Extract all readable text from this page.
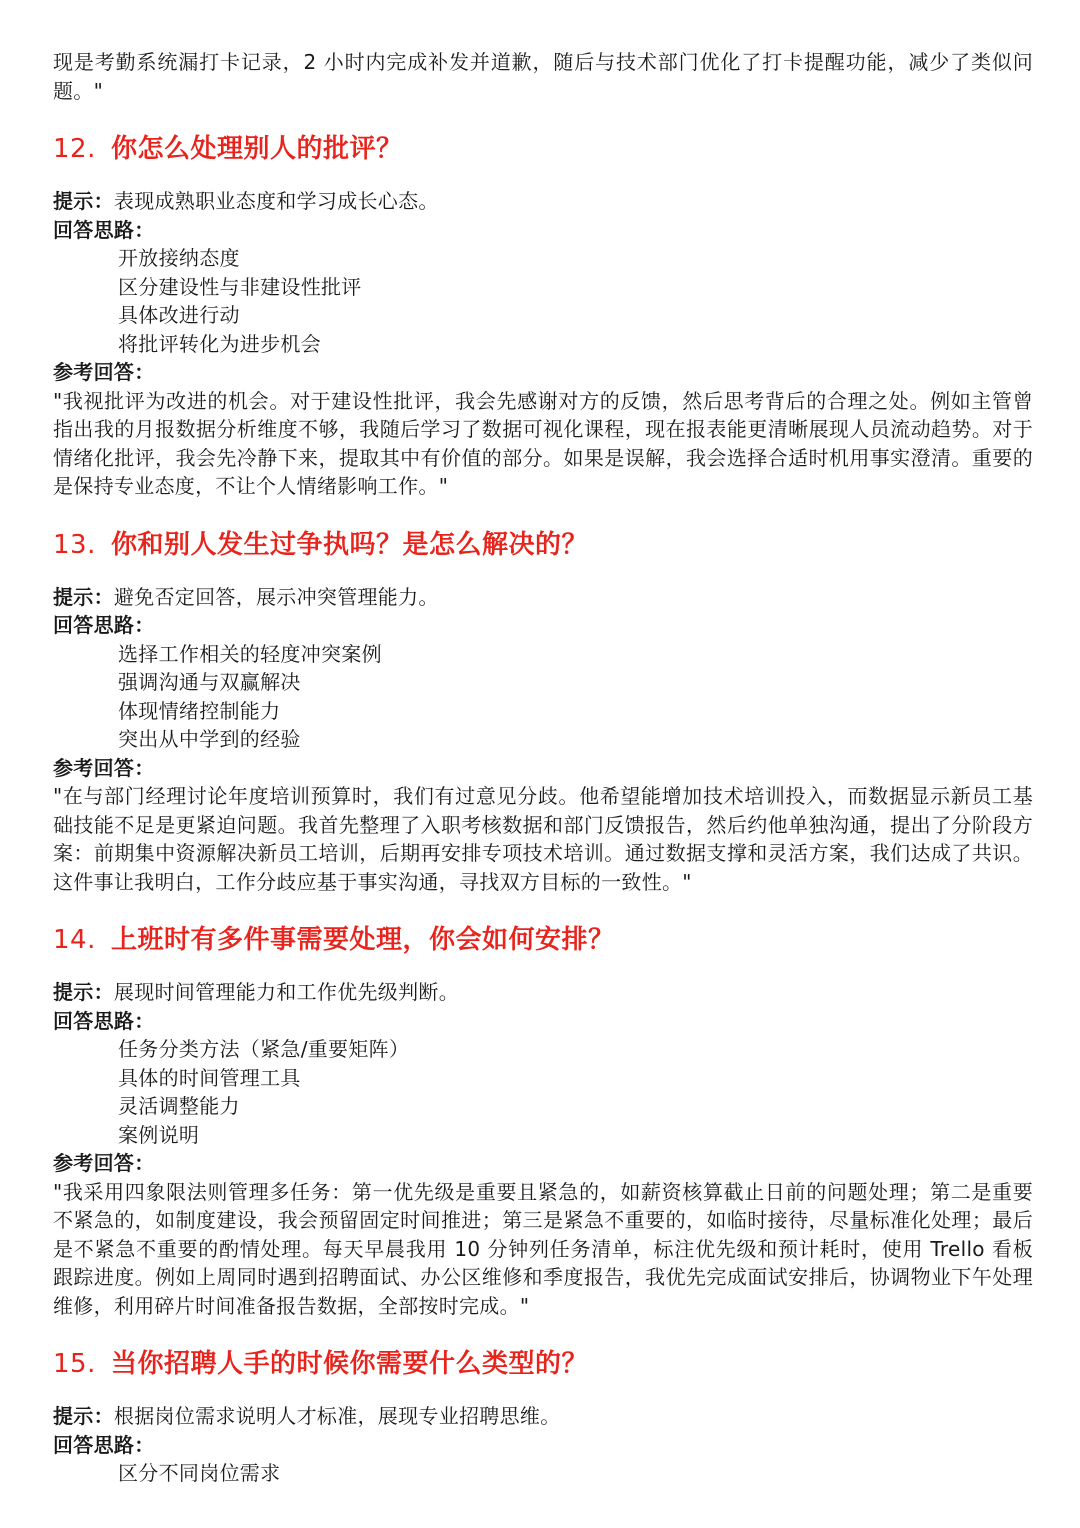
现是考勤系统漏打卡记录，2 小时内完成补发并道歉，随后与技术部门优化了打卡提醒功能，减少了类似问题。"

12. 你怎么处理别人的批评？

提示：表现成熟职业态度和学习成长心态。

回答思路：

开放接纳态度

区分建设性与非建设性批评

具体改进行动

将批评转化为进步机会

参考回答：

"我视批评为改进的机会。对于建设性批评，我会先感谢对方的反馈，然后思考背后的合理之处。例如主管曾指出我的月报数据分析维度不够，我随后学习了数据可视化课程，现在报表能更清晰展现人员流动趋势。对于情绪化批评，我会先冷静下来，提取其中有价值的部分。如果是误解，我会选择合适时机用事实澄清。重要的是保持专业态度，不让个人情绪影响工作。"

13. 你和别人发生过争执吗？是怎么解决的？

提示：避免否定回答，展示冲突管理能力。

回答思路：

选择工作相关的轻度冲突案例

强调沟通与双赢解决

体现情绪控制能力

突出从中学到的经验

参考回答：

"在与部门经理讨论年度培训预算时，我们有过意见分歧。他希望能增加技术培训投入，而数据显示新员工基础技能不足是更紧迫问题。我首先整理了入职考核数据和部门反馈报告，然后约他单独沟通，提出了分阶段方案：前期集中资源解决新员工培训，后期再安排专项技术培训。通过数据支撑和灵活方案，我们达成了共识。这件事让我明白，工作分歧应基于事实沟通，寻找双方目标的一致性。"

14. 上班时有多件事需要处理，你会如何安排？

提示：展现时间管理能力和工作优先级判断。

回答思路：

任务分类方法（紧急/重要矩阵）

具体的时间管理工具

灵活调整能力

案例说明

参考回答：

"我采用四象限法则管理多任务：第一优先级是重要且紧急的，如薪资核算截止日前的问题处理；第二是重要不紧急的，如制度建设，我会预留固定时间推进；第三是紧急不重要的，如临时接待，尽量标准化处理；最后是不紧急不重要的酌情处理。每天早晨我用 10 分钟列任务清单，标注优先级和预计耗时，使用 Trello 看板跟踪进度。例如上周同时遇到招聘面试、办公区维修和季度报告，我优先完成面试安排后，协调物业下午处理维修，利用碎片时间准备报告数据，全部按时完成。"

15. 当你招聘人手的时候你需要什么类型的？

提示：根据岗位需求说明人才标准，展现专业招聘思维。

回答思路：

区分不同岗位需求
